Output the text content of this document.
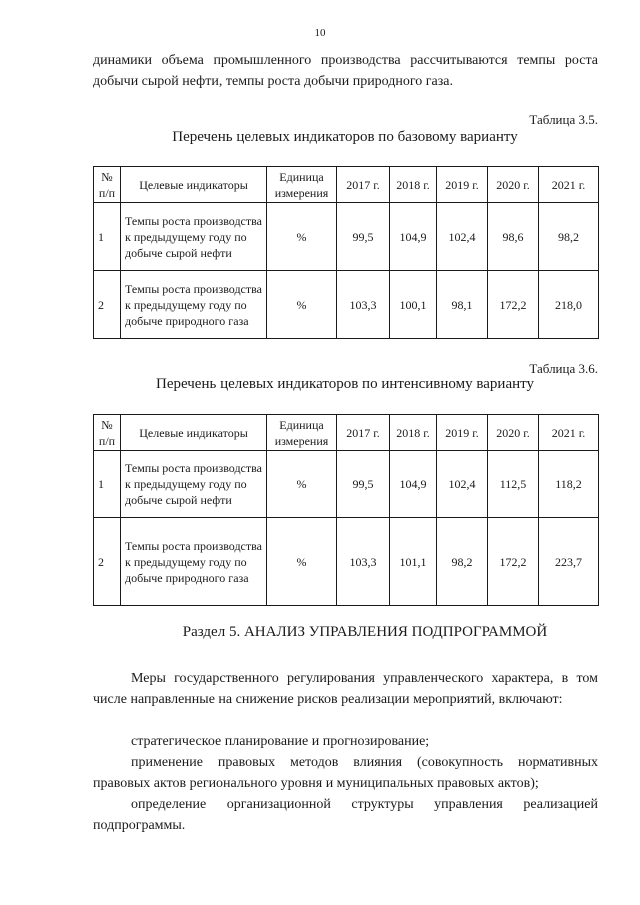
10

динамики объема промышленного производства рассчитываются темпы роста добычи сырой нефти, темпы роста добычи природного газа.

Таблица 3.5.
Перечень целевых индикаторов по базовому варианту
№ п/п	Целевые индикаторы	Единица измерения	2017 г.	2018 г.	2019 г.	2020 г.	2021 г.
1	Темпы роста производства к предыдущему году по добыче сырой нефти	%	99,5	104,9	102,4	98,6	98,2
2	Темпы роста производства к предыдущему году по добыче природного газа	%	103,3	100,1	98,1	172,2	218,0
Таблица 3.6.
Перечень целевых индикаторов по интенсивному варианту
№ п/п	Целевые индикаторы	Единица измерения	2017 г.	2018 г.	2019 г.	2020 г.	2021 г.
1	Темпы роста производства к предыдущему году по добыче сырой нефти	%	99,5	104,9	102,4	112,5	118,2
2	Темпы роста производства к предыдущему году по добыче природного газа	%	103,3	101,1	98,2	172,2	223,7
Раздел 5. АНАЛИЗ УПРАВЛЕНИЯ ПОДПРОГРАММОЙ

Меры государственного регулирования управленческого характера, в том числе направленные на снижение рисков реализации мероприятий, включают:

стратегическое планирование и прогнозирование;

применение правовых методов влияния (совокупность нормативных правовых актов регионального уровня и муниципальных правовых актов);

определение организационной структуры управления реализацией подпрограммы.
